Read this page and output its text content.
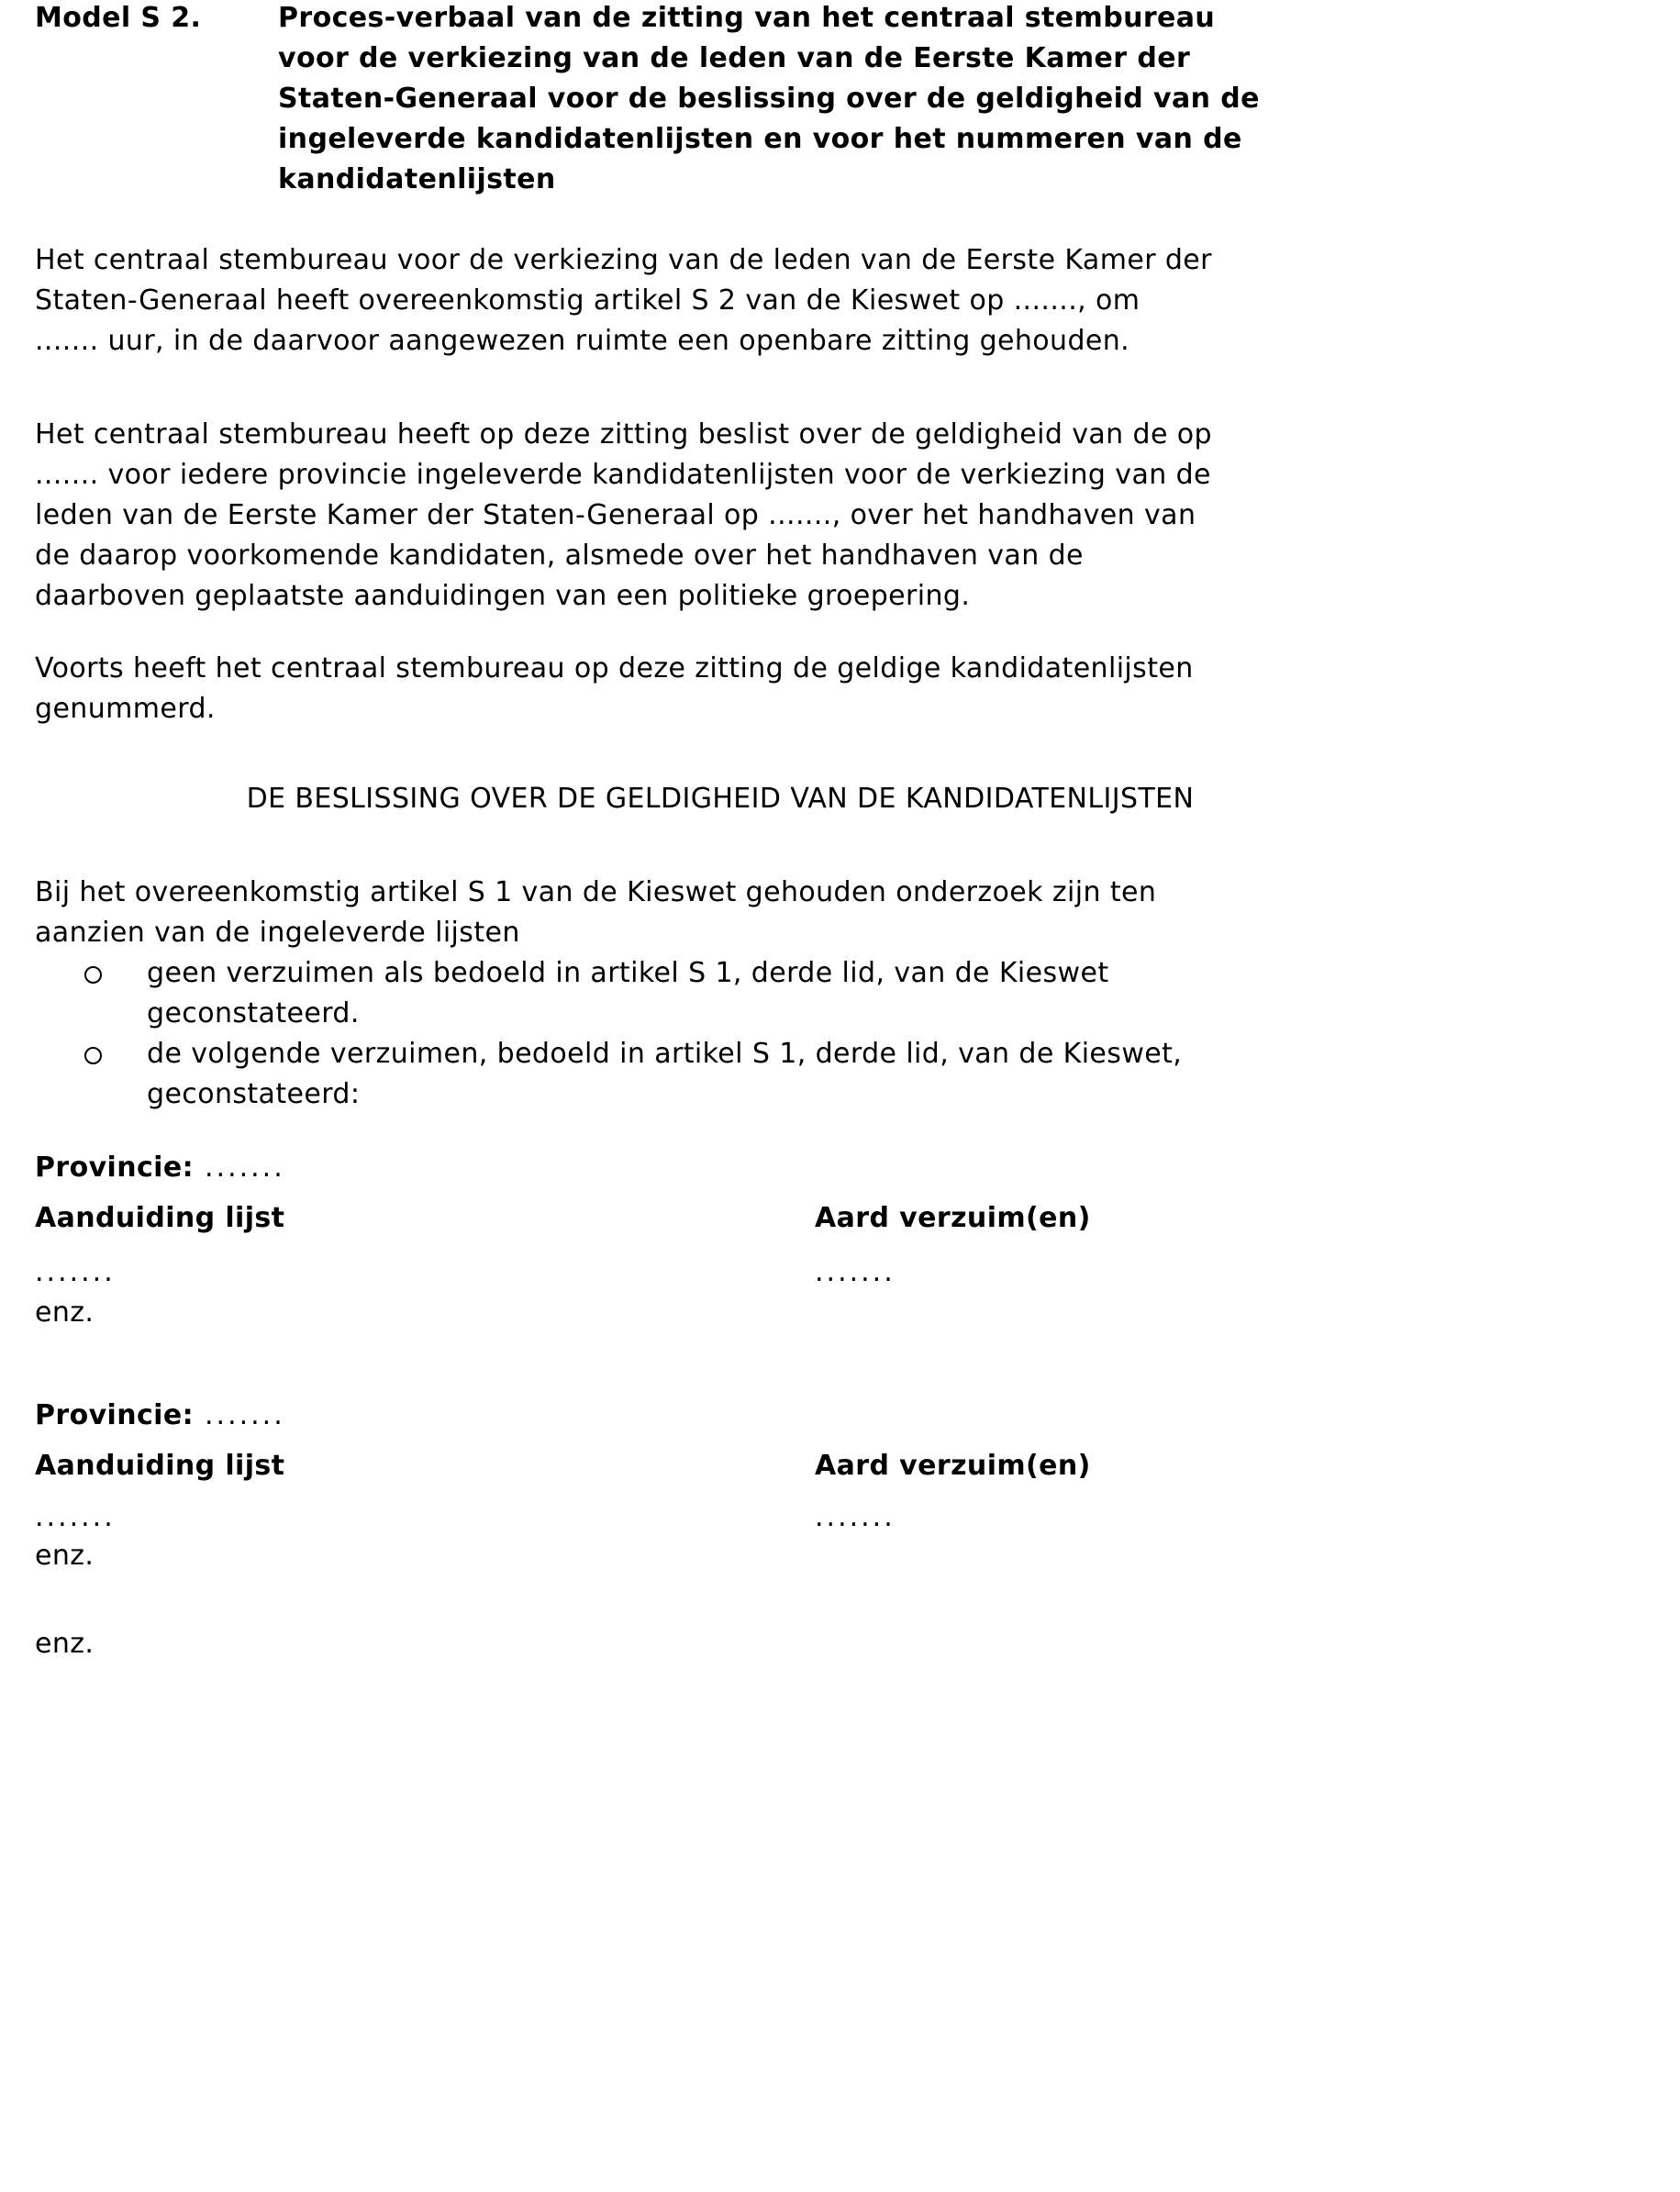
Model S 2.	Proces-verbaal van de zitting van het centraal stembureau
voor de verkiezing van de leden van de Eerste Kamer der
Staten-Generaal voor de beslissing over de geldigheid van de
ingeleverde kandidatenlijsten en voor het nummeren van de
kandidatenlijsten
Het centraal stembureau voor de verkiezing van de leden van de Eerste Kamer der
Staten-Generaal heeft overeenkomstig artikel S 2 van de Kieswet op ......., om
....... uur, in de daarvoor aangewezen ruimte een openbare zitting gehouden.
Het centraal stembureau heeft op deze zitting beslist over de geldigheid van de op
....... voor iedere provincie ingeleverde kandidatenlijsten voor de verkiezing van de
leden van de Eerste Kamer der Staten-Generaal op ......., over het handhaven van
de daarop voorkomende kandidaten, alsmede over het handhaven van de
daarboven geplaatste aanduidingen van een politieke groepering.
Voorts heeft het centraal stembureau op deze zitting de geldige kandidatenlijsten
genummerd.
DE BESLISSING OVER DE GELDIGHEID VAN DE KANDIDATENLIJSTEN
Bij het overeenkomstig artikel S 1 van de Kieswet gehouden onderzoek zijn ten
aanzien van de ingeleverde lijsten
geen verzuimen als bedoeld in artikel S 1, derde lid, van de Kieswet
geconstateerd.
de volgende verzuimen, bedoeld in artikel S 1, derde lid, van de Kieswet,
geconstateerd:
Provincie: .......
Aanduiding lijst	Aard verzuim(en)
.......	.......
enz.
Provincie: .......
Aanduiding lijst	Aard verzuim(en)
.......	.......
enz.
enz.
